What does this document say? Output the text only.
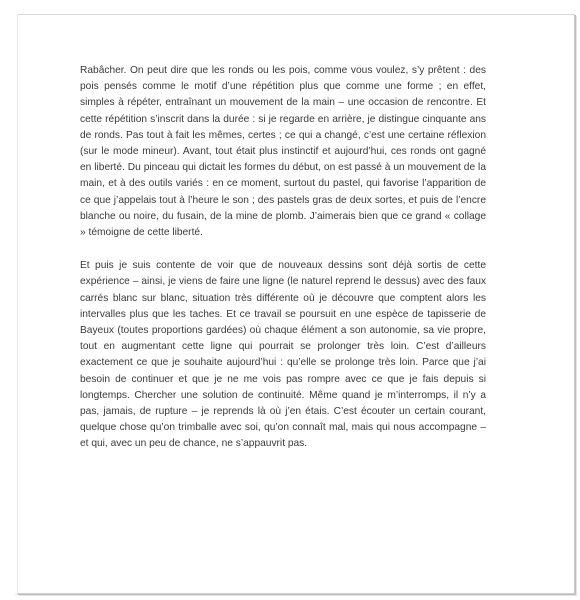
Rabâcher. On peut dire que les ronds ou les pois, comme vous voulez, s’y prêtent : des pois pensés comme le motif d’une répétition plus que comme une forme ; en effet, simples à répéter, entraînant un mouvement de la main – une occasion de rencontre. Et cette répétition s’inscrit dans la durée : si je regarde en arrière, je distingue cinquante ans de ronds. Pas tout à fait les mêmes, certes ; ce qui a changé, c’est une certaine réflexion (sur le mode mineur). Avant, tout était plus instinctif et aujourd’hui, ces ronds ont gagné en liberté. Du pinceau qui dictait les formes du début, on est passé à un mouvement de la main, et à des outils variés : en ce moment, surtout du pastel, qui favorise l’apparition de ce que j’appelais tout à l’heure le son ; des pastels gras de deux sortes, et puis de l’encre blanche ou noire, du fusain, de la mine de plomb. J’aimerais bien que ce grand « collage » témoigne de cette liberté.

Et puis je suis contente de voir que de nouveaux dessins sont déjà sortis de cette expérience – ainsi, je viens de faire une ligne (le naturel reprend le dessus) avec des faux carrés blanc sur blanc, situation très différente où je découvre que comptent alors les intervalles plus que les taches. Et ce travail se poursuit en une espèce de tapisserie de Bayeux (toutes proportions gardées) où chaque élément a son autonomie, sa vie propre, tout en augmentant cette ligne qui pourrait se prolonger très loin. C’est d’ailleurs exactement ce que je souhaite aujourd’hui : qu’elle se prolonge très loin. Parce que j’ai besoin de continuer et que je ne me vois pas rompre avec ce que je fais depuis si longtemps. Chercher une solution de continuité. Même quand je m’interromps, il n’y a pas, jamais, de rupture – je reprends là où j’en étais. C’est écouter un certain courant, quelque chose qu’on trimballe avec soi, qu’on connaît mal, mais qui nous accompagne – et qui, avec un peu de chance, ne s’appauvrit pas.
